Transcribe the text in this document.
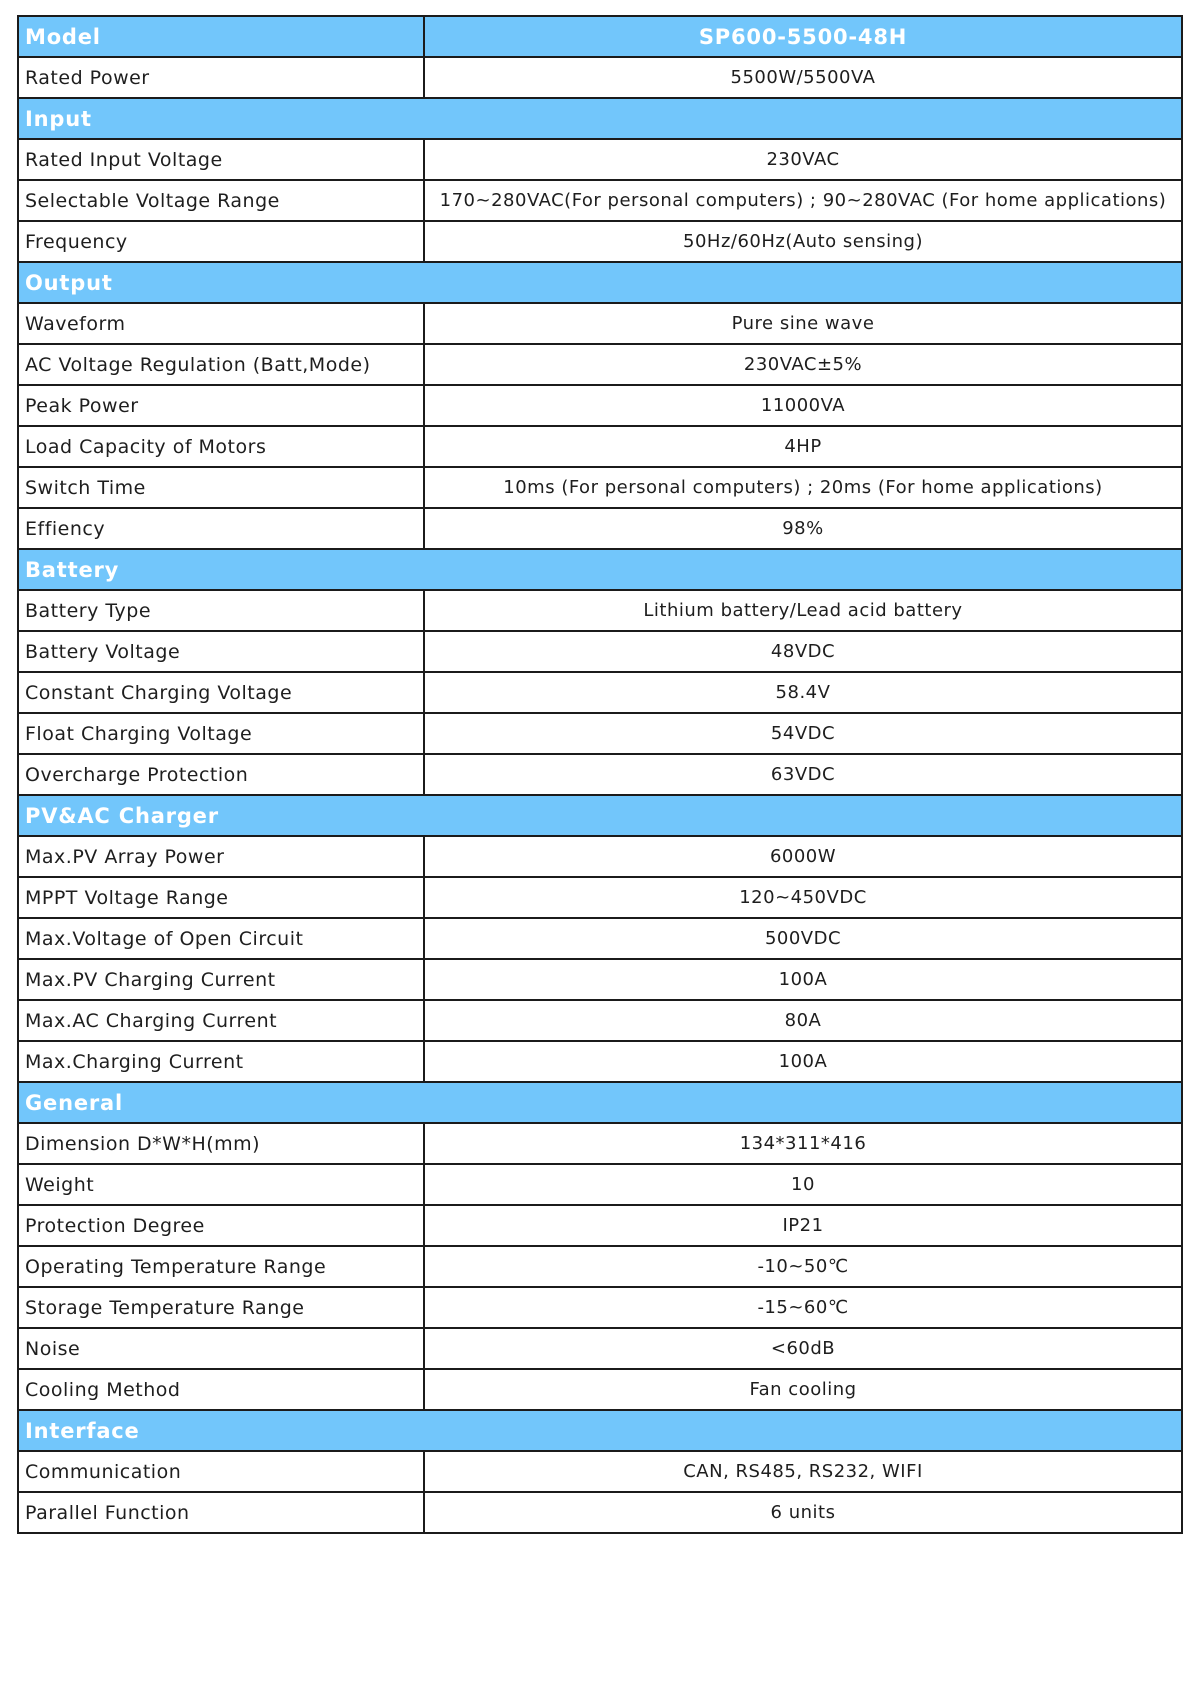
Model	SP600-5500-48H
Rated Power	5500W/5500VA
Input	
Rated Input Voltage	230VAC
Selectable Voltage Range	170~280VAC(For personal computers) ; 90~280VAC (For home applications)
Frequency	50Hz/60Hz(Auto sensing)
Output	
Waveform	Pure sine wave
AC Voltage Regulation (Batt,Mode)	230VAC±5%
Peak Power	11000VA
Load Capacity of Motors	4HP
Switch Time	10ms (For personal computers) ; 20ms (For home applications)
Effiency	98%
Battery	
Battery Type	Lithium battery/Lead acid battery
Battery Voltage	48VDC
Constant Charging Voltage	58.4V
Float Charging Voltage	54VDC
Overcharge Protection	63VDC
PV&AC Charger	
Max.PV Array Power	6000W
MPPT Voltage Range	120~450VDC
Max.Voltage of Open Circuit	500VDC
Max.PV Charging Current	100A
Max.AC Charging Current	80A
Max.Charging Current	100A
General	
Dimension D*W*H(mm)	134*311*416
Weight	10
Protection Degree	IP21
Operating Temperature Range	-10~50℃
Storage Temperature Range	-15~60℃
Noise	<60dB
Cooling Method	Fan cooling
Interface	
Communication	CAN, RS485, RS232, WIFI
Parallel Function	6 units
